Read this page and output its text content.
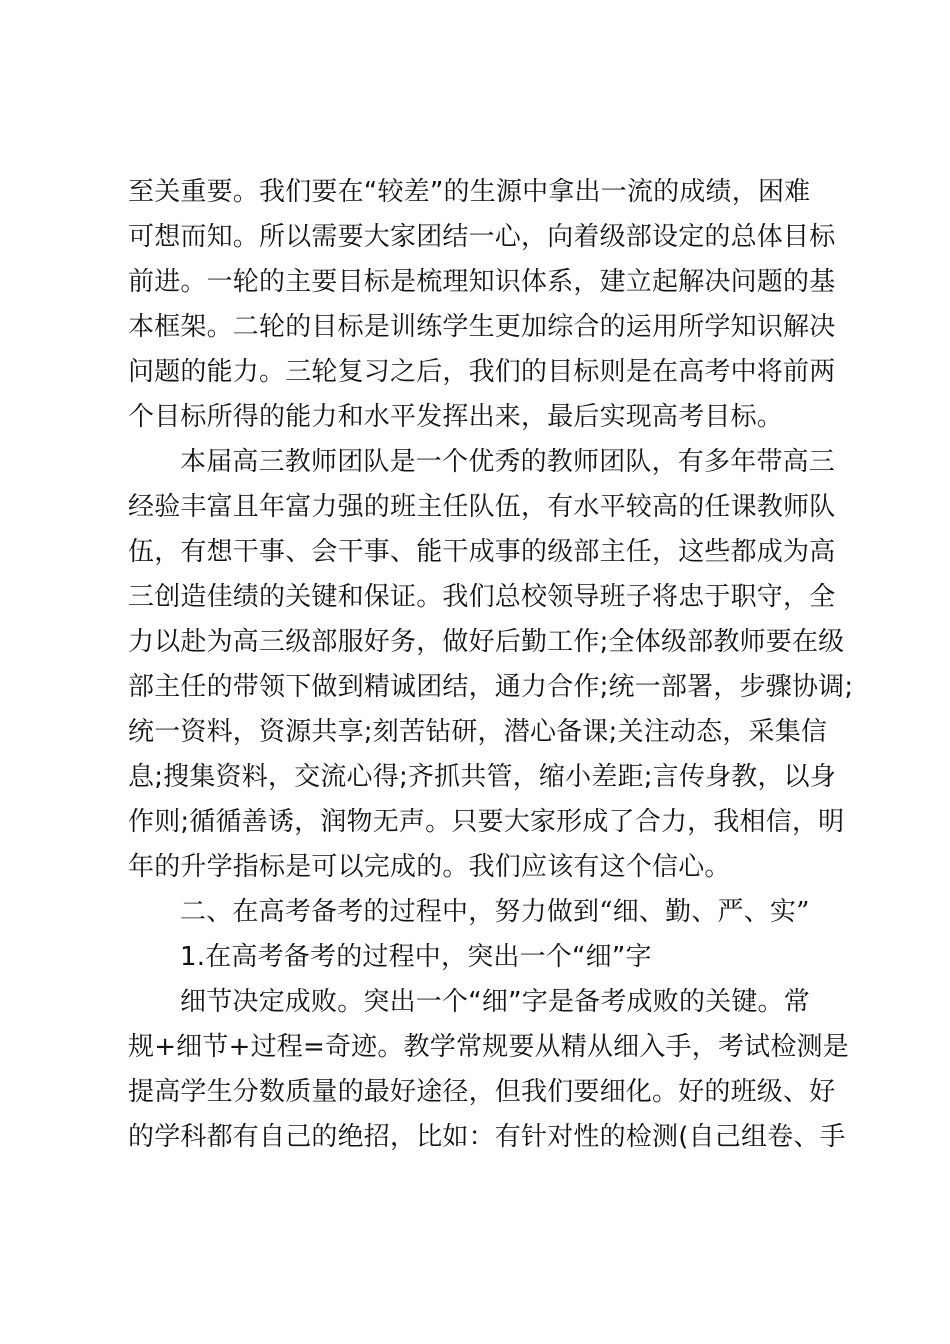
至关重要。我们要在“较差”的生源中拿出一流的成绩，困难
可想而知。所以需要大家团结一心，向着级部设定的总体目标
前进。一轮的主要目标是梳理知识体系，建立起解决问题的基
本框架。二轮的目标是训练学生更加综合的运用所学知识解决
问题的能力。三轮复习之后，我们的目标则是在高考中将前两
个目标所得的能力和水平发挥出来，最后实现高考目标。
本届高三教师团队是一个优秀的教师团队，有多年带高三
经验丰富且年富力强的班主任队伍，有水平较高的任课教师队
伍，有想干事、会干事、能干成事的级部主任，这些都成为高
三创造佳绩的关键和保证。我们总校领导班子将忠于职守，全
力以赴为高三级部服好务，做好后勤工作;全体级部教师要在级
部主任的带领下做到精诚团结，通力合作;统一部署，步骤协调;
统一资料，资源共享;刻苦钻研，潜心备课;关注动态，采集信
息;搜集资料，交流心得;齐抓共管，缩小差距;言传身教，以身
作则;循循善诱，润物无声。只要大家形成了合力，我相信，明
年的升学指标是可以完成的。我们应该有这个信心。
二、在高考备考的过程中，努力做到“细、勤、严、实”
1.在高考备考的过程中，突出一个“细”字
细节决定成败。突出一个“细”字是备考成败的关键。常
规+细节+过程=奇迹。教学常规要从精从细入手，考试检测是
提高学生分数质量的最好途径，但我们要细化。好的班级、好
的学科都有自己的绝招，比如：有针对性的检测(自己组卷、手
